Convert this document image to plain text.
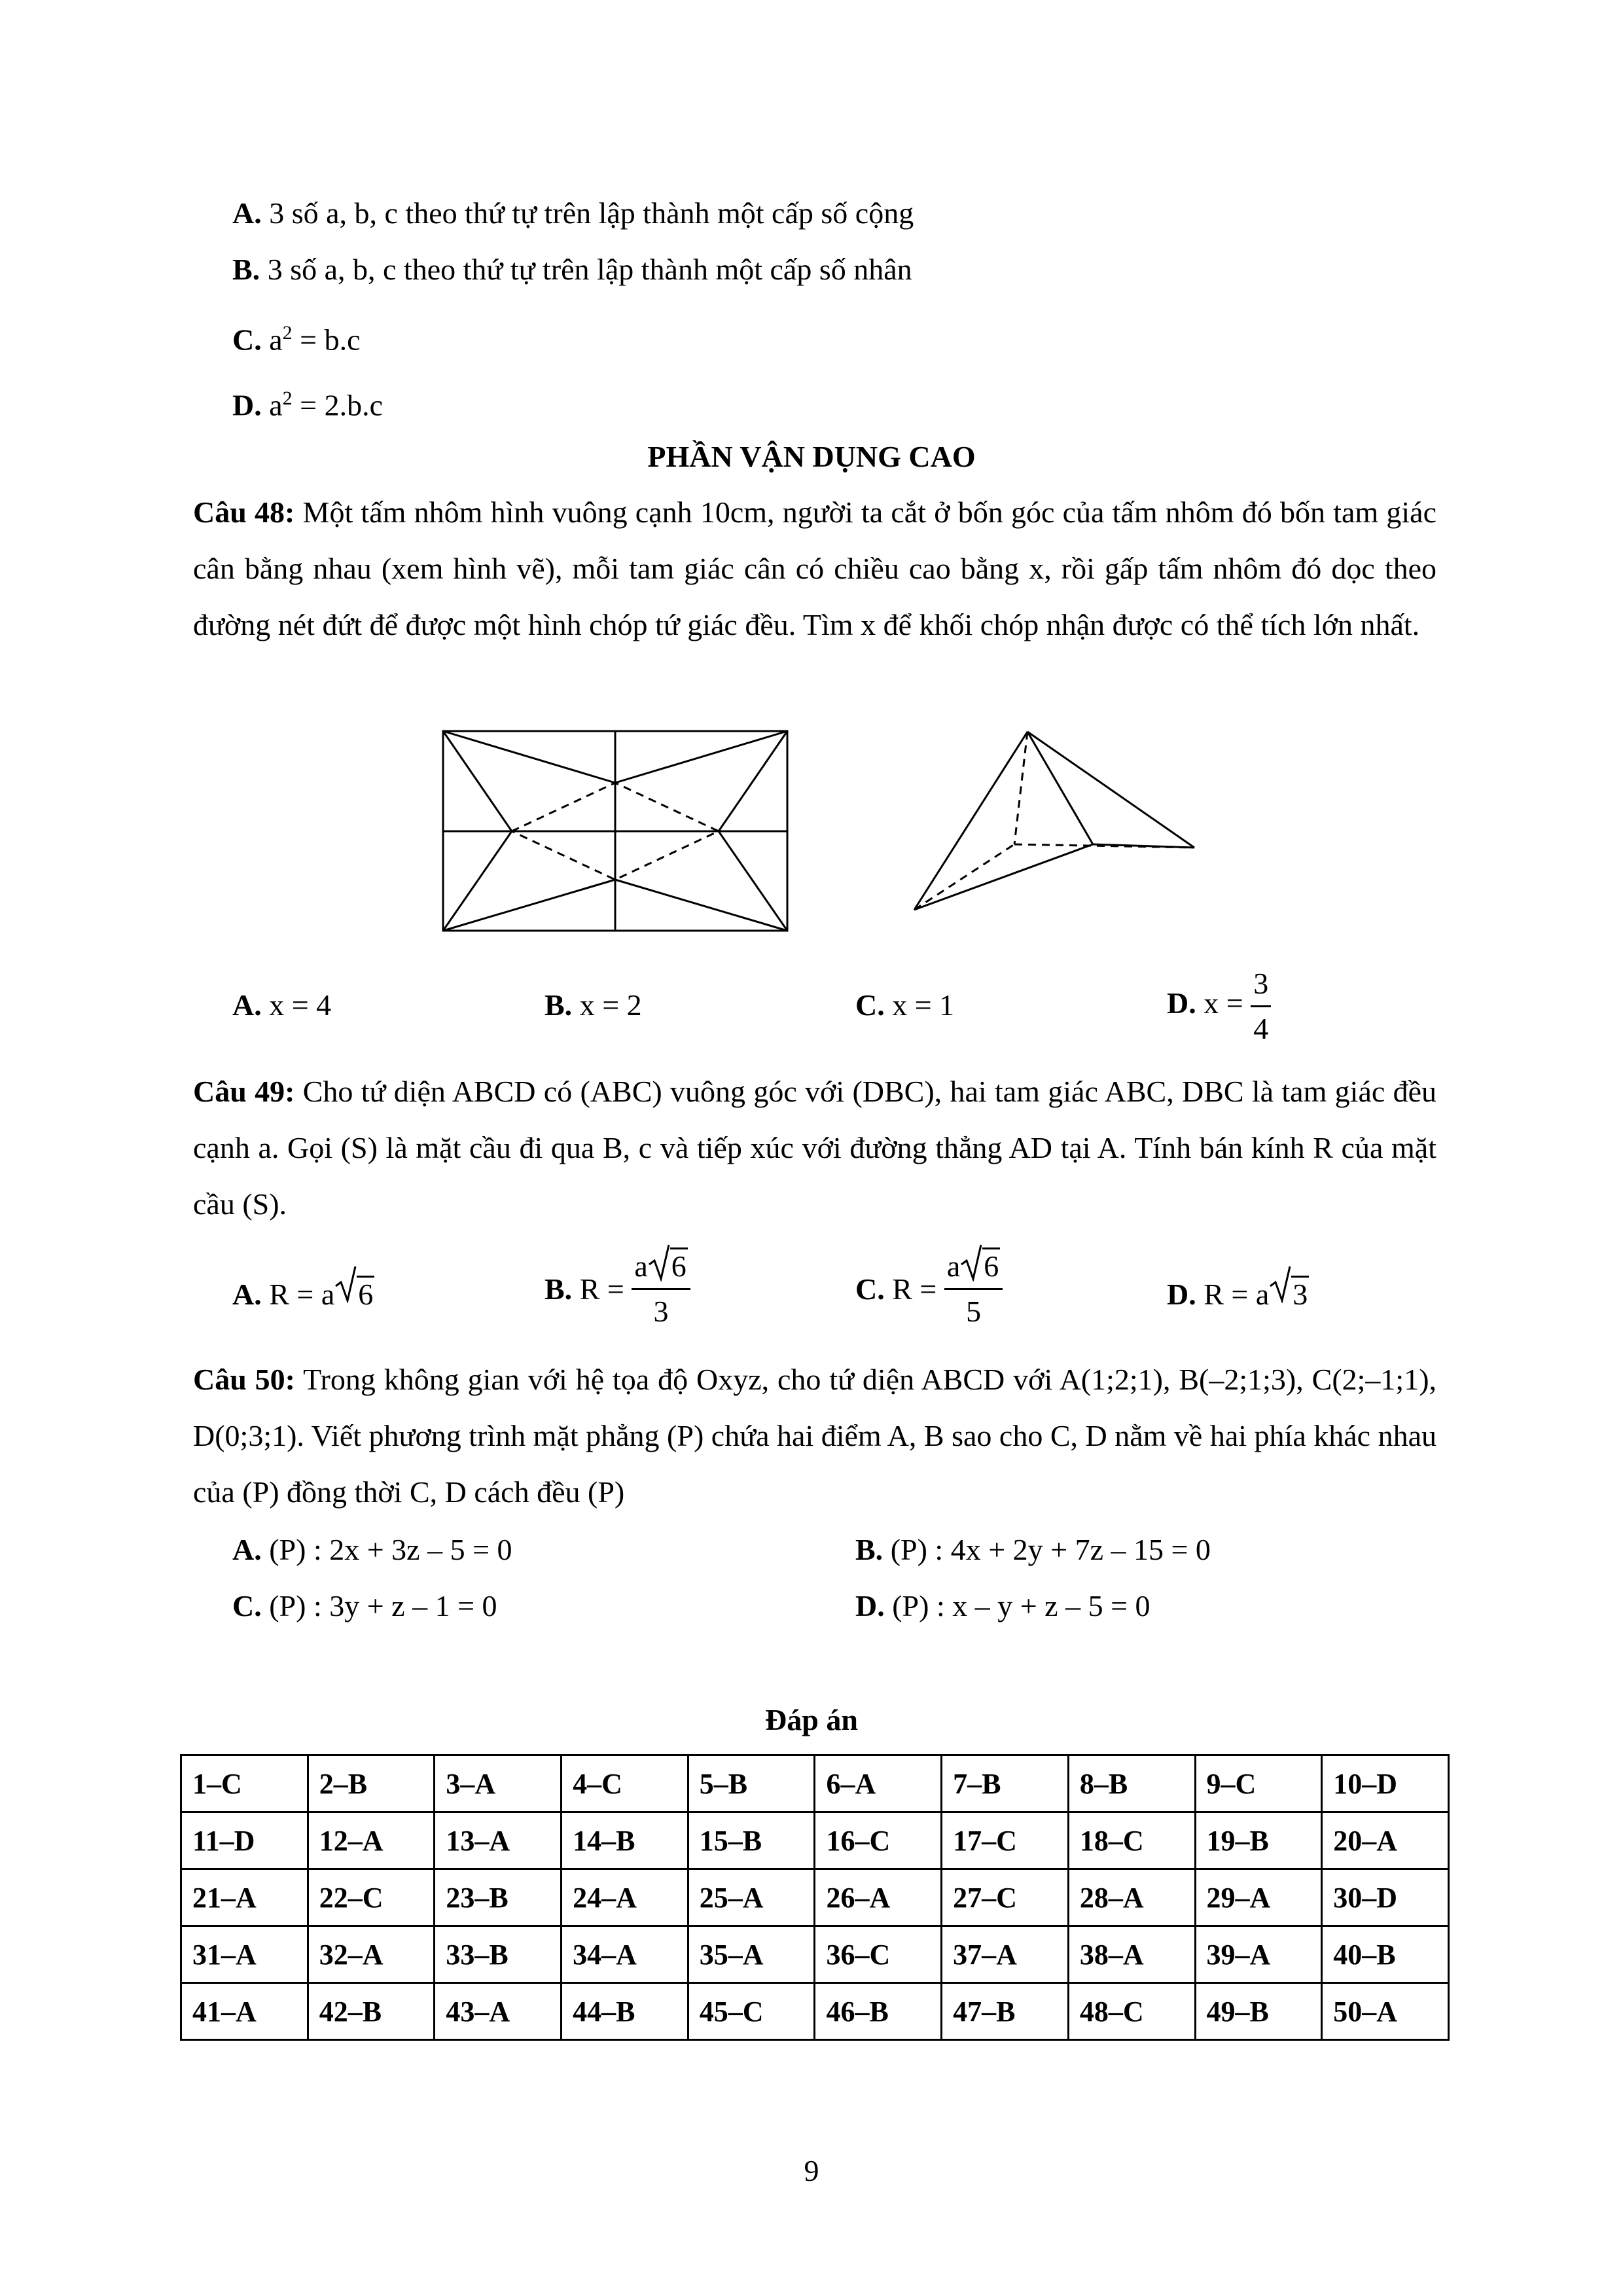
A. 3 số a, b, c theo thứ tự trên lập thành một cấp số cộng
B. 3 số a, b, c theo thứ tự trên lập thành một cấp số nhân
C. $a^2 = b.c$
D. $a^2 = 2.b.c$
PHẦN VẬN DỤNG CAO
Câu 48: Một tấm nhôm hình vuông cạnh 10cm, người ta cắt ở bốn góc của tấm nhôm đó bốn tam giác cân bằng nhau (xem hình vẽ), mỗi tam giác cân có chiều cao bằng x, rồi gấp tấm nhôm đó dọc theo đường nét đứt để được một hình chóp tứ giác đều. Tìm x để khối chóp nhận được có thể tích lớn nhất.
A. x = 4	B. x = 2	C. x = 1	D. $x = \frac{3}{4}$
Câu 49: Cho tứ diện ABCD có (ABC) vuông góc với (DBC), hai tam giác ABC, DBC là tam giác đều cạnh a. Gọi (S) là mặt cầu đi qua B, c và tiếp xúc với đường thẳng AD tại A. Tính bán kính R của mặt cầu (S).
A. R = a 6	B. $R = \frac{a 6}{3}$	C. $R = \frac{a 6}{5}$	D. R = a 3
Câu 50: Trong không gian với hệ tọa độ Oxyz, cho tứ diện ABCD với A(1;2;1), B(–2;1;3), C(2;–1;1), D(0;3;1). Viết phương trình mặt phẳng (P) chứa hai điểm A, B sao cho C, D nằm về hai phía khác nhau của (P) đồng thời C, D cách đều (P)
A. (P) : 2x + 3z – 5 = 0	B. (P) : 4x + 2y + 7z – 15 = 0
C. (P) : 3y + z – 1 = 0	D. (P) : x – y + z – 5 = 0
Đáp án
1–C	2–B	3–A	4–C	5–B	6–A	7–B	8–B	9–C	10–D
11–D	12–A	13–A	14–B	15–B	16–C	17–C	18–C	19–B	20–A
21–A	22–C	23–B	24–A	25–A	26–A	27–C	28–A	29–A	30–D
31–A	32–A	33–B	34–A	35–A	36–C	37–A	38–A	39–A	40–B
41–A	42–B	43–A	44–B	45–C	46–B	47–B	48–C	49–B	50–A
9
